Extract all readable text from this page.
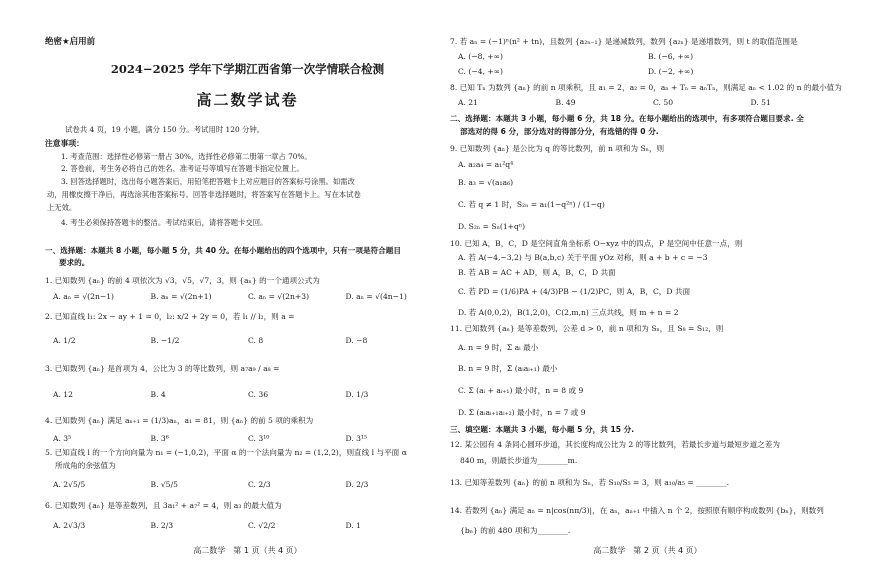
绝密★启用前
2024−2025 学年下学期江西省第一次学情联合检测
高二数学试卷
试卷共 4 页，19 小题，满分 150 分。考试用时 120 分钟。
注意事项：
1. 考查范围：选择性必修第一册占 30%，选择性必修第二册第一章占 70%。
2. 答卷前，考生务必将自己的姓名、准考证号等填写在答题卡指定位置上。
3. 回答选择题时，选出每小题答案后，用铅笔把答题卡上对应题目的答案标号涂黑。如需改
动，用橡皮擦干净后，再选涂其他答案标号。回答非选择题时，将答案写在答题卡上。写在本试卷
上无效。
4. 考生必须保持答题卡的整洁。考试结束后，请将答题卡交回。
一、选择题：本题共 8 小题，每小题 5 分，共 40 分。在每小题给出的四个选项中，只有一项是符合题目
要求的。
1. 已知数列 {aₙ} 的前 4 项依次为 √3，√5，√7，3，则 {aₙ} 的一个通项公式为
A. aₙ = √(2n−1)	B. aₙ = √(2n+1)	C. aₙ = √(2n+3)	D. aₙ = √(4n−1)
2. 已知直线 l₁: 2x − ay + 1 = 0，l₂: x/2 + 2y = 0，若 l₁ // l₂，则 a =
A. 1/2	B. −1/2	C. 8	D. −8
3. 已知数列 {aₙ} 是首项为 4，公比为 3 的等比数列，则 a₇a₉ / a₈ =
A. 12	B. 4	C. 36	D. 1/3
4. 已知数列 {aₙ} 满足 aₙ₊₁ = (1/3)aₙ，a₁ = 81，则 {aₙ} 的前 5 项的乘积为
A. 3⁵	B. 3⁶	C. 3¹⁰	D. 3¹⁵
5. 已知直线 l 的一个方向向量为 n₁ = (−1,0,2)，平面 α 的一个法向量为 n₂ = (1,2,2)，则直线 l 与平面 α
所成角的余弦值为
A. 2√5/5	B. √5/5	C. 2/3	D. 2/3
6. 已知数列 {aₙ} 是等差数列，且 3a₁² + a₇² = 4，则 a₃ 的最大值为
A. 2√3/3	B. 2/3	C. √2/2	D. 1
高二数学　第 1 页（共 4 页）
7. 若 aₙ = (−1)ⁿ(n² + tn)，且数列 {a₂ₙ₋₁} 是递减数列，数列 {a₂ₙ} 是递增数列，则 t 的取值范围是
A. (−8, +∞)	B. (−6, +∞)
C. (−4, +∞)	D. (−2, +∞)
8. 已知 Tₙ 为数列 {aₙ} 的前 n 项乘积，且 a₁ = 2，a₂ = 0，aₙ + Tₙ = aₙTₙ，则满足 aₙ < 1.02 的 n 的最小值为
A. 21	B. 49	C. 50	D. 51
二、选择题：本题共 3 小题，每小题 6 分，共 18 分。在每小题给出的选项中，有多项符合题目要求. 全
部选对的得 6 分，部分选对的得部分分，有选错的得 0 分.
9. 已知数列 {aₙ} 是公比为 q 的等比数列，前 n 项和为 Sₙ，则
A. a₂a₄ = a₁²q⁴
B. a₃ = √(a₁a₆)
C. 若 q ≠ 1 时，S₂ₙ = a₁(1−q²ⁿ) / (1−q)
D. S₂ₙ = Sₙ(1+qⁿ)
10. 已知 A，B，C，D 是空间直角坐标系 O−xyz 中的四点，P 是空间中任意一点，则
A. 若 A(−4,−3,2) 与 B(a,b,c) 关于平面 yOz 对称，则 a + b + c = −3
B. 若 AB = AC + AD，则 A，B，C，D 共面
C. 若 PD = (1/6)PA + (4/3)PB − (1/2)PC，则 A，B，C，D 共面
D. 若 A(0,0,2)，B(1,2,0)，C(2,m,n) 三点共线，则 m + n = 2
11. 已知数列 {aₙ} 是等差数列，公差 d > 0，前 n 项和为 Sₙ，且 S₈ = S₁₂，则
A. n = 9 时，Σ aᵢ 最小
B. n = 9 时，Σ (aᵢaᵢ₊₁) 最小
C. Σ (aᵢ + aᵢ₊₁) 最小时，n = 8 或 9
D. Σ (aᵢaᵢ₊₁aᵢ₊₂) 最小时，n = 7 或 9
三、填空题：本题共 3 小题，每小题 5 分，共 15 分.
12. 某公园有 4 条同心圆环步道，其长度构成公比为 2 的等比数列，若最长步道与最短步道之差为
840 m，则最长步道为________m.
13. 已知等差数列 {aₙ} 的前 n 项和为 Sₙ，若 S₁₀/S₅ = 3，则 a₁₀/a₅ = ________.
14. 若数列 {aₙ} 满足 aₙ = n|cos(nπ/3)|，在 aₙ，aₙ₊₁ 中插入 n 个 2，按照原有顺序构成数列 {bₙ}，则数列
{bₙ} 的前 480 项和为________.
高二数学　第 2 页（共 4 页）
